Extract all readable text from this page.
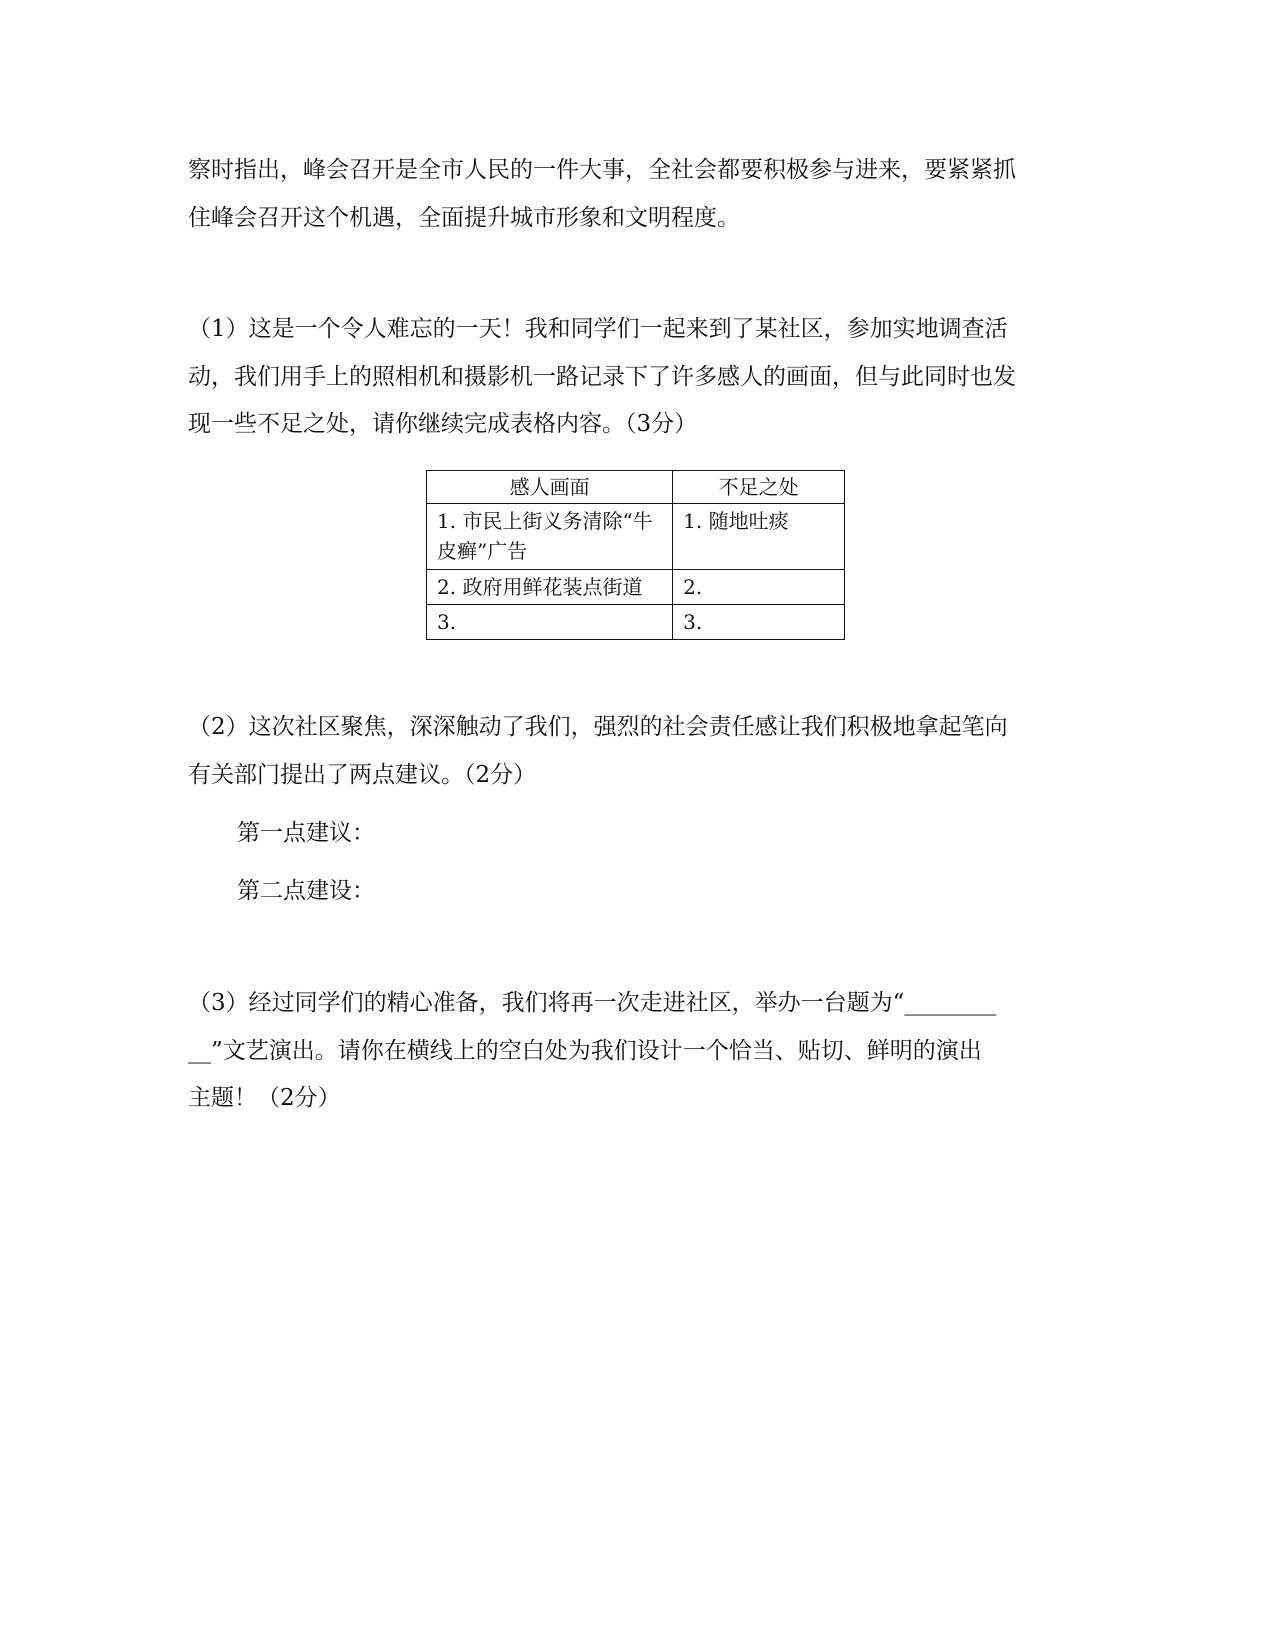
察时指出，峰会召开是全市人民的一件大事，全社会都要积极参与进来，要紧紧抓
住峰会召开这个机遇，全面提升城市形象和文明程度。
（1）这是一个令人难忘的一天！我和同学们一起来到了某社区，参加实地调查活
动，我们用手上的照相机和摄影机一路记录下了许多感人的画面，但与此同时也发
现一些不足之处，请你继续完成表格内容。（3分）
感人画面	不足之处
1. 市民上街义务清除“牛皮癣”广告	1. 随地吐痰
2. 政府用鲜花装点街道	2.
3.	3.
（2）这次社区聚焦，深深触动了我们，强烈的社会责任感让我们积极地拿起笔向
有关部门提出了两点建议。（2分）
第一点建议：
第二点建设：
（3）经过同学们的精心准备，我们将再一次走进社区，举办一台题为“________
__”文艺演出。请你在横线上的空白处为我们设计一个恰当、贴切、鲜明的演出
主题！（2分）
